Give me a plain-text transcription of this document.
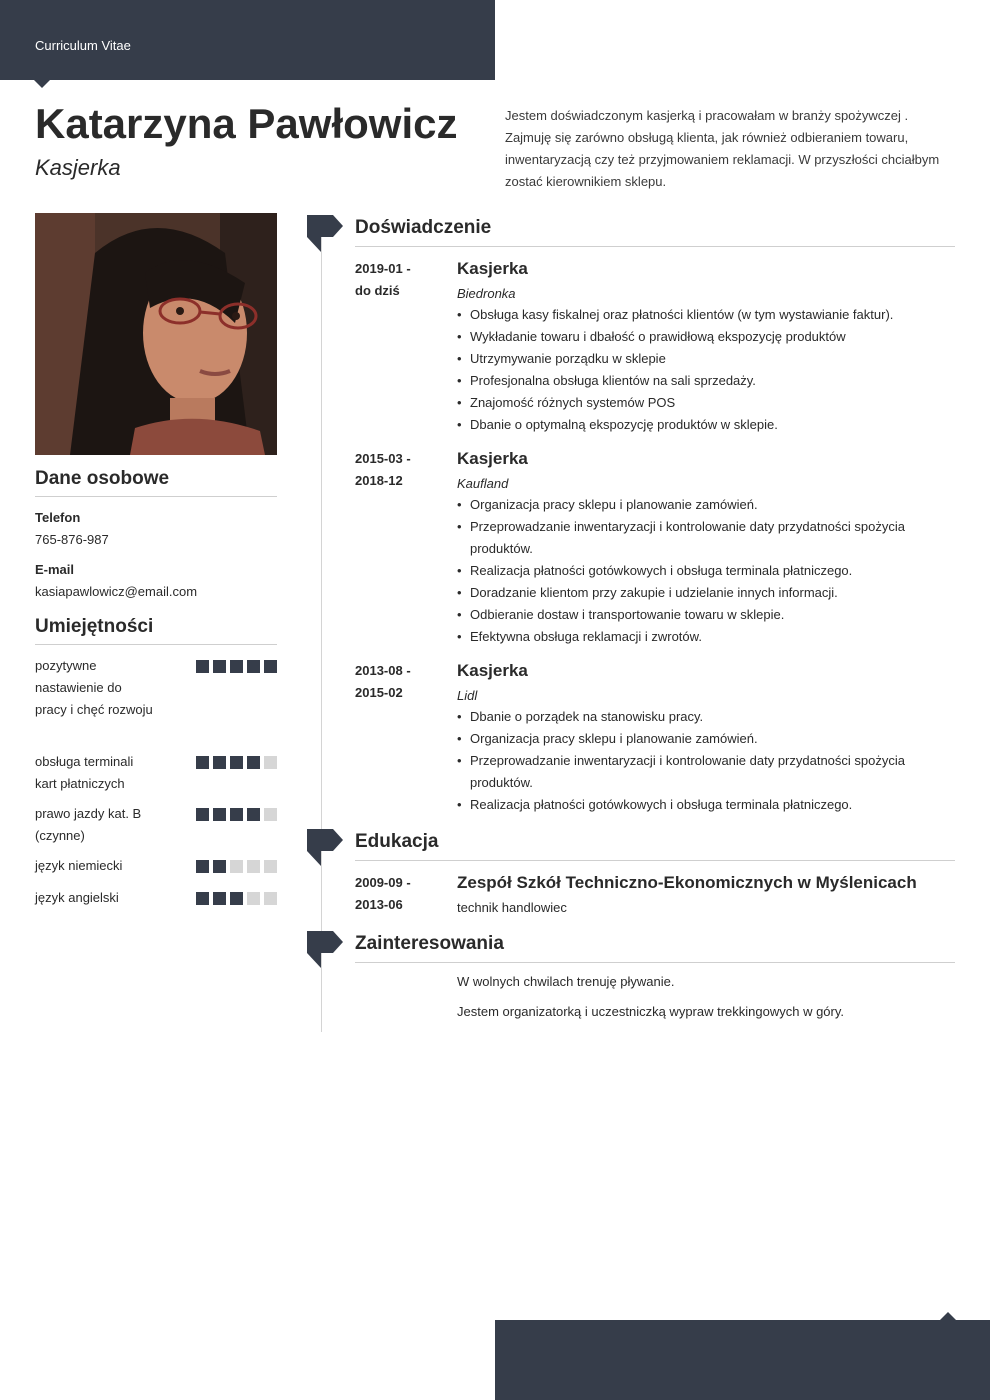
Curriculum Vitae
Katarzyna Pawłowicz
Kasjerka

Jestem doświadczonym kasjerką i pracowałam w branży spożywczej . Zajmuję się zarówno obsługą klienta, jak również odbieraniem towaru, inwentaryzacją czy też przyjmowaniem reklamacji. W przyszłości chciałbym zostać kierownikiem sklepu.

Dane osobowe
Telefon
765-876-987
E-mail
kasiapawlowicz@email.com
Umiejętności
pozytywne nastawienie do pracy i chęć rozwoju
obsługa terminali kart płatniczych
prawo jazdy kat. B (czynne)
język niemiecki
język angielski
Doświadczenie
2019-01 -
do dziś
Kasjerka
Biedronka
• Obsługa kasy fiskalnej oraz płatności klientów (w tym wystawianie faktur).
• Wykładanie towaru i dbałość o prawidłową ekspozycję produktów
• Utrzymywanie porządku w sklepie
• Profesjonalna obsługa klientów na sali sprzedaży.
• Znajomość różnych systemów POS
• Dbanie o optymalną ekspozycję produktów w sklepie.
2015-03 -
2018-12
Kasjerka
Kaufland
• Organizacja pracy sklepu i planowanie zamówień.
• Przeprowadzanie inwentaryzacji i kontrolowanie daty przydatności spożycia produktów.
• Realizacja płatności gotówkowych i obsługa terminala płatniczego.
• Doradzanie klientom przy zakupie i udzielanie innych informacji.
• Odbieranie dostaw i transportowanie towaru w sklepie.
• Efektywna obsługa reklamacji i zwrotów.
2013-08 -
2015-02
Kasjerka
Lidl
• Dbanie o porządek na stanowisku pracy.
• Organizacja pracy sklepu i planowanie zamówień.
• Przeprowadzanie inwentaryzacji i kontrolowanie daty przydatności spożycia produktów.
• Realizacja płatności gotówkowych i obsługa terminala płatniczego.
Edukacja
2009-09 -
2013-06
Zespół Szkół Techniczno-Ekonomicznych w Myślenicach
technik handlowiec
Zainteresowania
W wolnych chwilach trenuję pływanie.
Jestem organizatorką i uczestniczką wypraw trekkingowych w góry.
